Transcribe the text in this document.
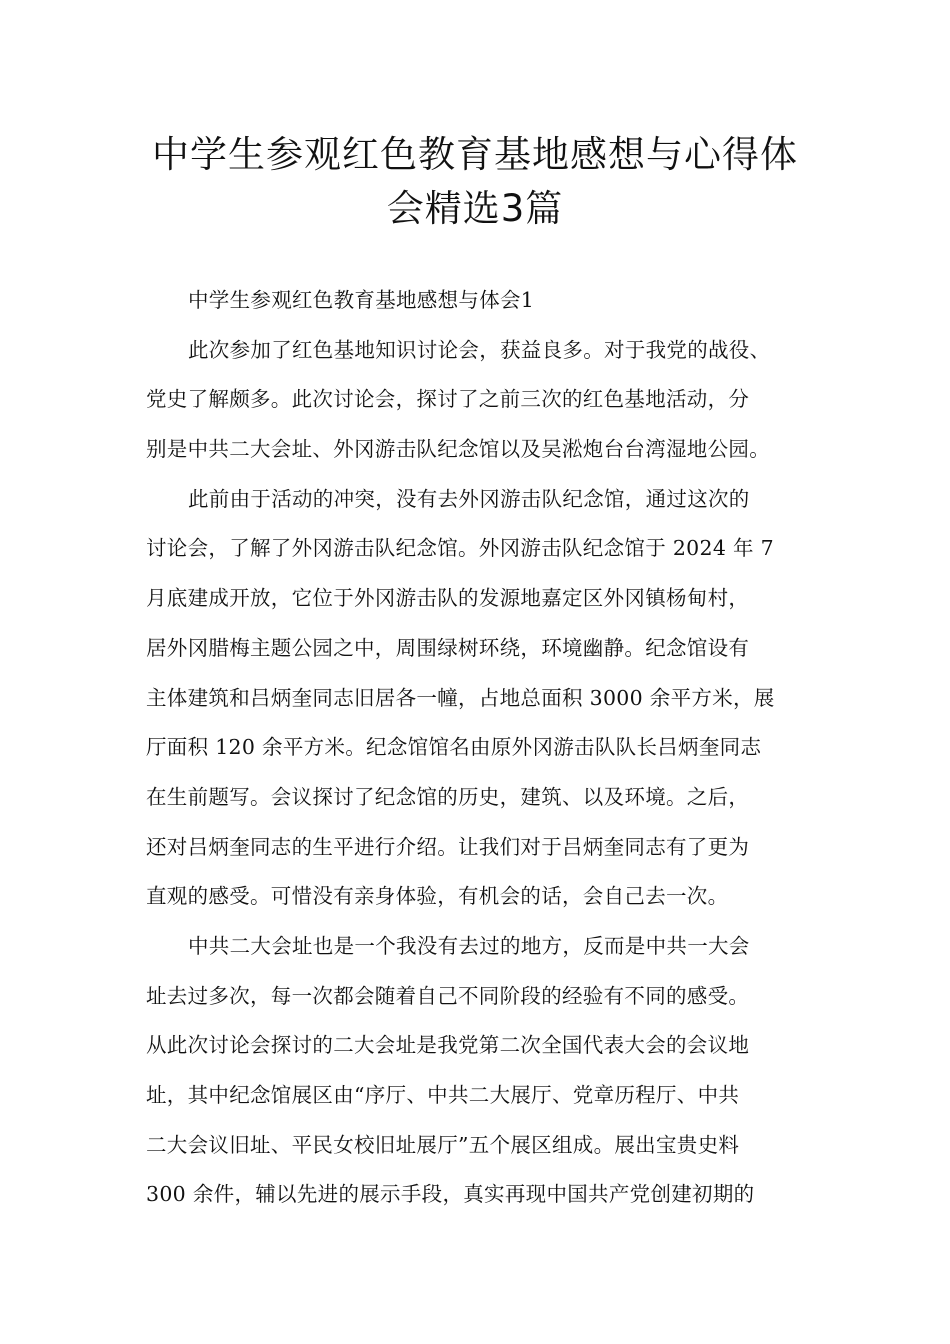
中学生参观红色教育基地感想与心得体
会精选3篇
中学生参观红色教育基地感想与体会1
此次参加了红色基地知识讨论会，获益良多。对于我党的战役、
党史了解颇多。此次讨论会，探讨了之前三次的红色基地活动，分
别是中共二大会址、外冈游击队纪念馆以及吴淞炮台台湾湿地公园。
此前由于活动的冲突，没有去外冈游击队纪念馆，通过这次的
讨论会，了解了外冈游击队纪念馆。外冈游击队纪念馆于 2024 年 7
月底建成开放，它位于外冈游击队的发源地嘉定区外冈镇杨甸村，
居外冈腊梅主题公园之中，周围绿树环绕，环境幽静。纪念馆设有
主体建筑和吕炳奎同志旧居各一幢，占地总面积 3000 余平方米，展
厅面积 120 余平方米。纪念馆馆名由原外冈游击队队长吕炳奎同志
在生前题写。会议探讨了纪念馆的历史，建筑、以及环境。之后，
还对吕炳奎同志的生平进行介绍。让我们对于吕炳奎同志有了更为
直观的感受。可惜没有亲身体验，有机会的话，会自己去一次。
中共二大会址也是一个我没有去过的地方，反而是中共一大会
址去过多次，每一次都会随着自己不同阶段的经验有不同的感受。
从此次讨论会探讨的二大会址是我党第二次全国代表大会的会议地
址，其中纪念馆展区由“序厅、中共二大展厅、党章历程厅、中共
二大会议旧址、平民女校旧址展厅”五个展区组成。展出宝贵史料
300 余件，辅以先进的展示手段，真实再现中国共产党创建初期的
